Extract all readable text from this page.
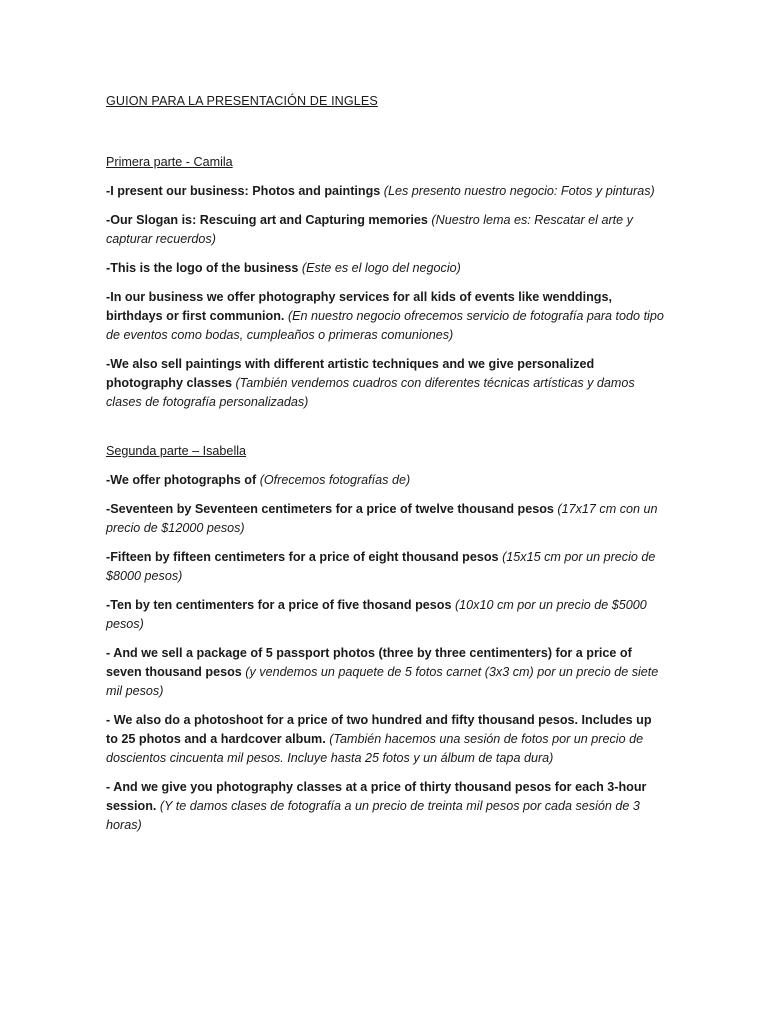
GUION PARA LA PRESENTACIÓN DE INGLES
Primera parte - Camila

-I present our business: Photos and paintings (Les presento nuestro negocio: Fotos y pinturas)

-Our Slogan is: Rescuing art and Capturing memories (Nuestro lema es: Rescatar el arte y capturar recuerdos)

-This is the logo of the business (Este es el logo del negocio)

-In our business we offer photography services for all kids of events like wenddings, birthdays or first communion. (En nuestro negocio ofrecemos servicio de fotografía para todo tipo de eventos como bodas, cumpleaños o primeras comuniones)

-We also sell paintings with different artistic techniques and we give personalized photography classes (También vendemos cuadros con diferentes técnicas artísticas y damos clases de fotografía personalizadas)

Segunda parte – Isabella

-We offer photographs of (Ofrecemos fotografías de)

-Seventeen by Seventeen centimeters for a price of twelve thousand pesos (17x17 cm con un precio de $12000 pesos)

-Fifteen by fifteen centimeters for a price of eight thousand pesos (15x15 cm por un precio de $8000 pesos)

-Ten by ten centimenters for a price of five thosand pesos (10x10 cm por un precio de $5000 pesos)

- And we sell a package of 5 passport photos (three by three centimenters) for a price of seven thousand pesos (y vendemos un paquete de 5 fotos carnet (3x3 cm) por un precio de siete mil pesos)

- We also do a photoshoot for a price of two hundred and fifty thousand pesos. Includes up to 25 photos and a hardcover album. (También hacemos una sesión de fotos por un precio de doscientos cincuenta mil pesos. Incluye hasta 25 fotos y un álbum de tapa dura)

- And we give you photography classes at a price of thirty thousand pesos for each 3-hour session. (Y te damos clases de fotografía a un precio de treinta mil pesos por cada sesión de 3 horas)
